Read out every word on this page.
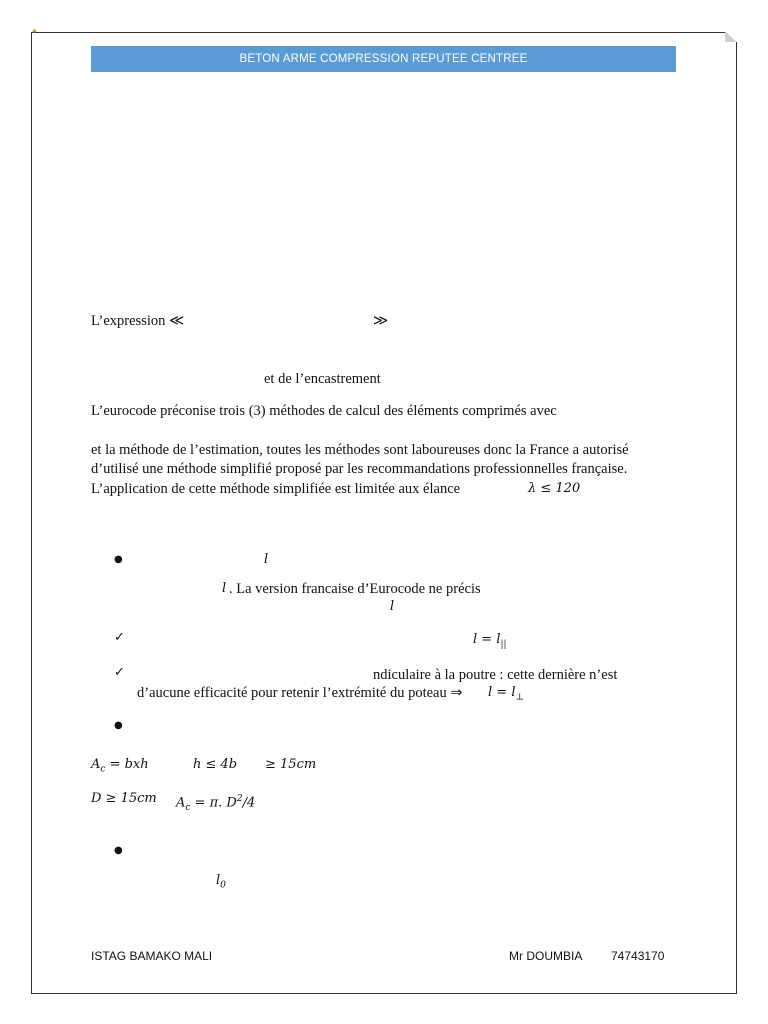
✦
BETON ARME COMPRESSION REPUTEE CENTREE
L’expression ≪	≫
et de l’encastrement
L’eurocode préconise trois (3) méthodes de calcul des éléments comprimés avec
et la méthode de l’estimation, toutes les méthodes sont laboureuses donc la France a autorisé
d’utilisé une méthode simplifié proposé par les recommandations professionnelles française.
L’application de cette méthode simplifiée est limitée aux élance	λ ≤ 120
●	l
l . La version francaise d’Eurocode ne précis
l
✓	$l = l_{||}$
✓	ndiculaire à la poutre : cette dernière n’est
d’aucune efficacité pour retenir l’extrémité du poteau ⇒ $l = l_\perp$
●
$A_c$ = bxh	h ≤ 4b ≥ 15cm
D ≥ 15cm $A_c = \pi$. $D^2/4$
●
$l_0$
ISTAG BAMAKO MALI	Mr DOUMBIA 74743170
